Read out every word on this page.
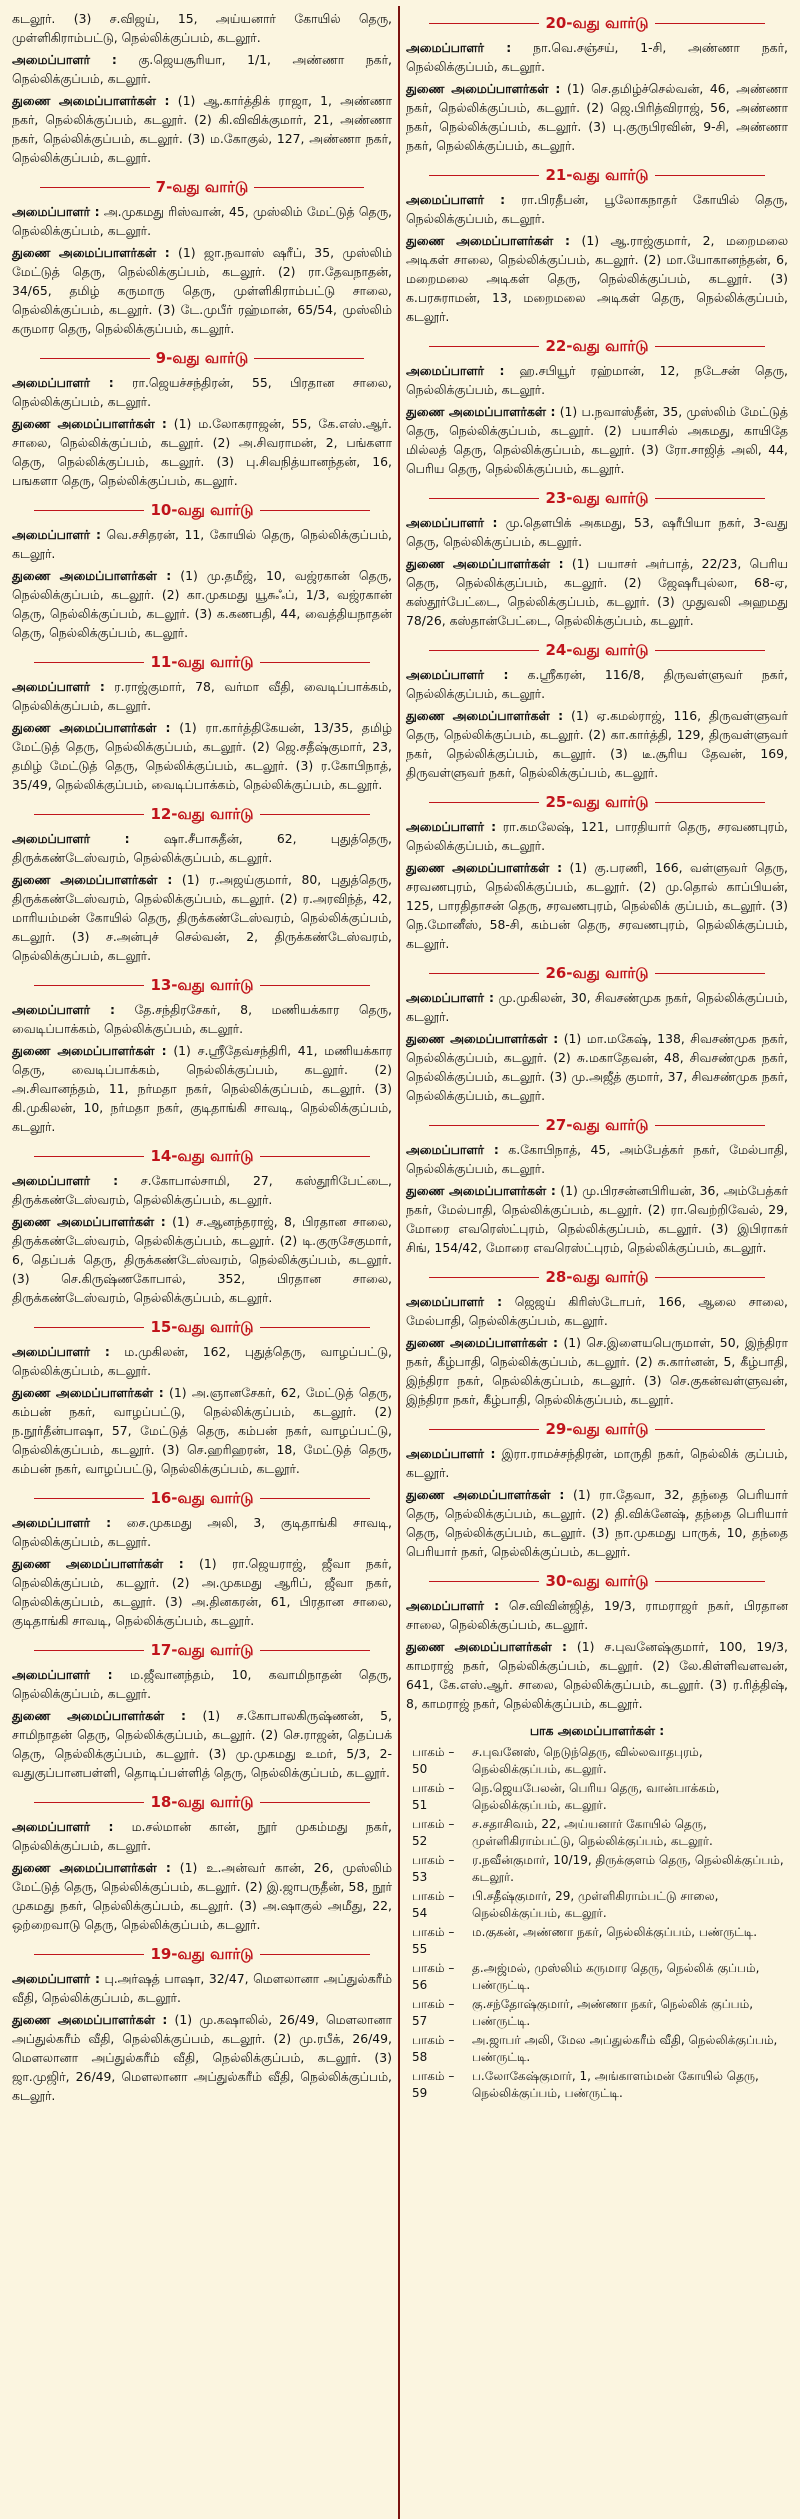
கடலூர். (3) ச.விஜய், 15, அய்யனார் கோயில் தெரு, முள்ளிகிராம்பட்டு, நெல்லிக்குப்பம், கடலூர்.
அமைப்பாளர் : கு.ஜெயசூரியா, 1/1, அண்ணா நகர், நெல்லிக்குப்பம், கடலூர்.
துணை அமைப்பாளர்கள் : (1) ஆ.கார்த்திக் ராஜா, 1, அண்ணா நகர், நெல்லிக்குப்பம், கடலூர். (2) கி.விவிக்குமார், 21, அண்ணா நகர், நெல்லிக்குப்பம், கடலூர். (3) ம.கோகுல், 127, அண்ணா நகர், நெல்லிக்குப்பம், கடலூர்.
7-வது வார்டு
அமைப்பாளர் : அ.முகமது ரிஸ்வான், 45, முஸ்லிம் மேட்டுத் தெரு, நெல்லிக்குப்பம், கடலூர்.
துணை அமைப்பாளர்கள் : (1) ஜா.நவாஸ் ஷரீப், 35, முஸ்லிம் மேட்டுத் தெரு, நெல்லிக்குப்பம், கடலூர். (2) ரா.தேவநாதன், 34/65, தமிழ் கருமாரு தெரு, முள்ளிகிராம்பட்டு சாலை, நெல்லிக்குப்பம், கடலூர். (3) டே.முபீர் ரஹ்மான், 65/54, முஸ்லிம் கருமார தெரு, நெல்லிக்குப்பம், கடலூர்.
9-வது வார்டு
அமைப்பாளர் : ரா.ஜெயச்சந்திரன், 55, பிரதான சாலை, நெல்லிக்குப்பம், கடலூர்.
துணை அமைப்பாளர்கள் : (1) ம.லோகராஜன், 55, கே.எஸ்.ஆர். சாலை, நெல்லிக்குப்பம், கடலூர். (2) அ.சிவராமன், 2, பங்களா தெரு, நெல்லிக்குப்பம், கடலூர். (3) பு.சிவநித்யானந்தன், 16, பஙகளா தெரு, நெல்லிக்குப்பம், கடலூர்.
10-வது வார்டு
அமைப்பாளர் : வெ.சசிதரன், 11, கோயில் தெரு, நெல்லிக்குப்பம், கடலூர்.
துணை அமைப்பாளர்கள் : (1) மு.தமீஜ், 10, வஜ்ரகான் தெரு, நெல்லிக்குப்பம், கடலூர். (2) கா.முகமது யூசுஃப், 1/3, வஜ்ரகான் தெரு, நெல்லிக்குப்பம், கடலூர். (3) க.கணபதி, 44, வைத்தியநாதன் தெரு, நெல்லிக்குப்பம், கடலூர்.
11-வது வார்டு
அமைப்பாளர் : ர.ராஜ்குமார், 78, வர்மா வீதி, வைடிப்பாக்கம், நெல்லிக்குப்பம், கடலூர்.
துணை அமைப்பாளர்கள் : (1) ரா.கார்த்திகேயன், 13/35, தமிழ் மேட்டுத் தெரு, நெல்லிக்குப்பம், கடலூர். (2) ஜெ.சதீஷ்குமார், 23, தமிழ் மேட்டுத் தெரு, நெல்லிக்குப்பம், கடலூர். (3) ர.கோபிநாத், 35/49, நெல்லிக்குப்பம், வைடிப்பாக்கம், நெல்லிக்குப்பம், கடலூர்.
12-வது வார்டு
அமைப்பாளர் :	ஷா.சீபாசுதீன், 62, புதுத்தெரு, திருக்கண்டேஸ்வரம், நெல்லிக்குப்பம், கடலூர்.
துணை அமைப்பாளர்கள் : (1) ர.அஜய்குமார், 80, புதுத்தெரு, திருக்கண்டேஸ்வரம், நெல்லிக்குப்பம், கடலூர். (2) ர.அரவிந்த், 42, மாரியம்மன் கோயில் தெரு, திருக்கண்டேஸ்வரம், நெல்லிக்குப்பம், கடலூர். (3) ச.அன்புச் செல்வன், 2, திருக்கண்டேஸ்வரம், நெல்லிக்குப்பம், கடலூர்.
13-வது வார்டு
அமைப்பாளர் : தே.சந்திரசேகர், 8, மணியக்கார தெரு, வைடிப்பாக்கம், நெல்லிக்குப்பம், கடலூர்.
துணை அமைப்பாளர்கள் : (1) ச.ஸ்ரீதேவ்சந்திரி, 41, மணியக்கார தெரு, வைடிப்பாக்கம், நெல்லிக்குப்பம், கடலூர். (2) அ.சிவானந்தம், 11, நர்மதா நகர், நெல்லிக்குப்பம், கடலூர். (3) கி.முகிலன், 10, நர்மதா நகர், குடிதாங்கி சாவடி, நெல்லிக்குப்பம், கடலூர்.
14-வது வார்டு
அமைப்பாளர் : ச.கோபால்சாமி, 27, கஸ்தூரிபேட்டை, திருக்கண்டேஸ்வரம், நெல்லிக்குப்பம், கடலூர்.
துணை அமைப்பாளர்கள் : (1) ச.ஆனந்தராஜ், 8, பிரதான சாலை, திருக்கண்டேஸ்வரம், நெல்லிக்குப்பம், கடலூர். (2) டி.குருசேகுமார், 6, தெப்பக் தெரு, திருக்கண்டேஸ்வரம், நெல்லிக்குப்பம், கடலூர். (3) செ.கிருஷ்ணகோபால், 352, பிரதான சாலை, திருக்கண்டேஸ்வரம், நெல்லிக்குப்பம், கடலூர்.
15-வது வார்டு
அமைப்பாளர் : ம.முகிலன், 162, புதுத்தெரு, வாழப்பட்டு, நெல்லிக்குப்பம், கடலூர்.
துணை அமைப்பாளர்கள் : (1) அ.ஞானசேகர், 62, மேட்டுத் தெரு, கம்பன் நகர், வாழப்பட்டு, நெல்லிக்குப்பம், கடலூர். (2) ந.நூர்தீன்பாஷா, 57, மேட்டுத் தெரு, கம்பன் நகர், வாழப்பட்டு, நெல்லிக்குப்பம், கடலூர். (3) செ.ஹரிஹரன், 18, மேட்டுத் தெரு, கம்பன் நகர், வாழப்பட்டு, நெல்லிக்குப்பம், கடலூர்.
16-வது வார்டு
அமைப்பாளர் : சை.முகமது அலி, 3, குடிதாங்கி சாவடி, நெல்லிக்குப்பம், கடலூர்.
துணை அமைப்பாளர்கள் : (1) ரா.ஜெயராஜ், ஜீவா நகர், நெல்லிக்குப்பம், கடலூர். (2) அ.முகமது ஆரிப், ஜீவா நகர், நெல்லிக்குப்பம், கடலூர். (3) அ.தினகரன், 61, பிரதான சாலை, குடிதாங்கி சாவடி, நெல்லிக்குப்பம், கடலூர்.
17-வது வார்டு
அமைப்பாளர் : ம.ஜீவானந்தம், 10, கவாமிநாதன் தெரு, நெல்லிக்குப்பம், கடலூர்.
துணை அமைப்பாளர்கள் : (1) ச.கோபாலகிருஷ்ணன், 5, சாமிநாதன் தெரு, நெல்லிக்குப்பம், கடலூர். (2) செ.ராஜன், தெப்பக் தெரு, நெல்லிக்குப்பம், கடலூர். (3) மு.முகமது உமர், 5/3, 2-வதுகுப்பானபள்ளி, தொடிப்பள்ளித் தெரு, நெல்லிக்குப்பம், கடலூர்.
18-வது வார்டு
அமைப்பாளர் : ம.சல்மான் கான், நூர் முகம்மது நகர், நெல்லிக்குப்பம், கடலூர்.
துணை அமைப்பாளர்கள் : (1) உ.அன்வர் கான், 26, முஸ்லிம் மேட்டுத் தெரு, நெல்லிக்குப்பம், கடலூர். (2) இ.ஜாபருதீன், 58, நூர் முகமது நகர், நெல்லிக்குப்பம், கடலூர். (3) அ.ஷாகுல் அமீது, 22, ஒற்றைவாடு தெரு, நெல்லிக்குப்பம், கடலூர்.
19-வது வார்டு
அமைப்பாளர் : பு.அர்ஷத் பாஷா, 32/47, மௌலானா அப்துல்கரீம் வீதி, நெல்லிக்குப்பம், கடலூர்.
துணை அமைப்பாளர்கள் : (1) மு.கஷாலில், 26/49, மௌலானா அப்துல்கரீம் வீதி, நெல்லிக்குப்பம், கடலூர். (2) மு.ரபீக், 26/49, மௌலானா அப்துல்கரீம் வீதி, நெல்லிக்குப்பம், கடலூர். (3) ஜா.முஜிர், 26/49, மௌலானா அப்துல்கரீம் வீதி, நெல்லிக்குப்பம், கடலூர்.
20-வது வார்டு
அமைப்பாளர் : நா.வெ.சஞ்சய், 1-சி, அண்ணா நகர், நெல்லிக்குப்பம், கடலூர்.
துணை அமைப்பாளர்கள் : (1) செ.தமிழ்ச்செல்வன், 46, அண்ணா நகர், நெல்லிக்குப்பம், கடலூர். (2) ஜெ.பிரித்விராஜ், 56, அண்ணா நகர், நெல்லிக்குப்பம், கடலூர். (3) பு.குருபிரவின், 9-சி, அண்ணா நகர், நெல்லிக்குப்பம், கடலூர்.
21-வது வார்டு
அமைப்பாளர் : ரா.பிரதீபன், பூலோகநாதர் கோயில் தெரு, நெல்லிக்குப்பம், கடலூர்.
துணை அமைப்பாளர்கள் : (1) ஆ.ராஜ்குமார், 2, மறைமலை அடிகள் சாலை, நெல்லிக்குப்பம், கடலூர். (2) மா.யோகானந்தன், 6, மறைமலை அடிகள் தெரு, நெல்லிக்குப்பம், கடலூர். (3) க.பரசுராமன், 13, மறைமலை அடிகள் தெரு, நெல்லிக்குப்பம், கடலூர்.
22-வது வார்டு
அமைப்பாளர் : ஹ.சபியூர் ரஹ்மான், 12, நடேசன் தெரு, நெல்லிக்குப்பம், கடலூர்.
துணை அமைப்பாளர்கள் : (1) ப.நவாஸ்தீன், 35, முஸ்லிம் மேட்டுத் தெரு, நெல்லிக்குப்பம், கடலூர். (2) பயாசில் அகமது, காயிதே மில்லத் தெரு, நெல்லிக்குப்பம், கடலூர். (3) ரோ.சாஜித் அலி, 44, பெரிய தெரு, நெல்லிக்குப்பம், கடலூர்.
23-வது வார்டு
அமைப்பாளர் : மு.தௌபிக் அகமது, 53, ஷரீபியா நகர், 3-வது தெரு, நெல்லிக்குப்பம், கடலூர்.
துணை அமைப்பாளர்கள் : (1) பயாசர் அர்பாத், 22/23, பெரிய தெரு, நெல்லிக்குப்பம், கடலூர். (2) ஜேஷரீபுல்லா, 68-ஏ, கஸ்தூர்பேட்டை, நெல்லிக்குப்பம், கடலூர். (3) முதுவலி அஹமது 78/26, கஸ்தான்பேட்டை, நெல்லிக்குப்பம், கடலூர்.
24-வது வார்டு
அமைப்பாளர் : க.ஸ்ரீகரன், 116/8, திருவள்ளுவர் நகர், நெல்லிக்குப்பம், கடலூர்.
துணை அமைப்பாளர்கள் : (1) ஏ.கமல்ராஜ், 116, திருவள்ளுவர் தெரு, நெல்லிக்குப்பம், கடலூர். (2) கா.கார்த்தி, 129, திருவள்ளுவர் நகர், நெல்லிக்குப்பம், கடலூர். (3) டீ.சூரிய தேவன், 169, திருவள்ளுவர் நகர், நெல்லிக்குப்பம், கடலூர்.
25-வது வார்டு
அமைப்பாளர் : ரா.கமலேஷ், 121, பாரதியார் தெரு, சரவணபுரம், நெல்லிக்குப்பம், கடலூர்.
துணை அமைப்பாளர்கள் : (1) கு.பரணி, 166, வள்ளுவர் தெரு, சரவணபுரம், நெல்லிக்குப்பம், கடலூர். (2) மு.தொல் காப்பியன், 125, பாரதிதாசன் தெரு, சரவணபுரம், நெல்லிக் குப்பம், கடலூர். (3) நெ.மோனீஸ், 58-சி, கம்பன் தெரு, சரவணபுரம், நெல்லிக்குப்பம், கடலூர்.
26-வது வார்டு
அமைப்பாளர் : மு.முகிலன், 30, சிவசண்முக நகர், நெல்லிக்குப்பம், கடலூர்.
துணை அமைப்பாளர்கள் : (1) மா.மகேஷ், 138, சிவசண்முக நகர், நெல்லிக்குப்பம், கடலூர். (2) சு.மகாதேவன், 48, சிவசண்முக நகர், நெல்லிக்குப்பம், கடலூர். (3) மு.அஜீத் குமார், 37, சிவசண்முக நகர், நெல்லிக்குப்பம், கடலூர்.
27-வது வார்டு
அமைப்பாளர் : க.கோபிநாத், 45, அம்பேத்கர் நகர், மேல்பாதி, நெல்லிக்குப்பம், கடலூர்.
துணை அமைப்பாளர்கள் : (1) மு.பிரசன்னபிரியன், 36, அம்பேத்கர் நகர், மேல்பாதி, நெல்லிக்குப்பம், கடலூர். (2) ரா.வெற்றிவேல், 29, மோரை எவரெஸ்ட்புரம், நெல்லிக்குப்பம், கடலூர். (3) இபிராகர் சிங், 154/42, மோரை எவரெஸ்ட்புரம், நெல்லிக்குப்பம், கடலூர்.
28-வது வார்டு
அமைப்பாளர் : ஜெஜய் கிரிஸ்டோபர், 166, ஆலை சாலை, மேல்பாதி, நெல்லிக்குப்பம், கடலூர்.
துணை அமைப்பாளர்கள் : (1) செ.இளையபெருமாள், 50, இந்திரா நகர், கீழ்பாதி, நெல்லிக்குப்பம், கடலூர். (2) சு.கார்னன், 5, கீழ்பாதி, இந்திரா நகர், நெல்லிக்குப்பம், கடலூர். (3) செ.குகன்வள்ளுவன், இந்திரா நகர், கீழ்பாதி, நெல்லிக்குப்பம், கடலூர்.
29-வது வார்டு
அமைப்பாளர் : இரா.ராமச்சந்திரன், மாருதி நகர், நெல்லிக் குப்பம், கடலூர்.
துணை அமைப்பாளர்கள் : (1) ரா.தேவா, 32, தந்தை பெரியார் தெரு, நெல்லிக்குப்பம், கடலூர். (2) தி.விக்னேஷ், தந்தை பெரியார் தெரு, நெல்லிக்குப்பம், கடலூர். (3) நா.முகமது பாருக், 10, தந்தை பெரியார் நகர், நெல்லிக்குப்பம், கடலூர்.
30-வது வார்டு
அமைப்பாளர் : செ.விவின்ஜித், 19/3, ராமராஜர் நகர், பிரதான சாலை, நெல்லிக்குப்பம், கடலூர்.
துணை அமைப்பாளர்கள் : (1) ச.புவனேஷ்குமார், 100, 19/3, காமராஜ் நகர், நெல்லிக்குப்பம், கடலூர். (2) லே.கிள்ளிவளவன், 641, கே.எஸ்.ஆர். சாலை, நெல்லிக்குப்பம், கடலூர். (3) ர.ரித்திஷ், 8, காமராஜ் நகர், நெல்லிக்குப்பம், கடலூர்.
பாக அமைப்பாளர்கள் :
பாகம் – 50
ச.புவனேஸ், நெடுந்தெரு, வில்லவாதபுரம், நெல்லிக்குப்பம், கடலூர்.
பாகம் – 51
நெ.ஜெயபேலன், பெரிய தெரு, வான்பாக்கம், நெல்லிக்குப்பம், கடலூர்.
பாகம் – 52
ச.சதாசிவம், 22, அய்யனார் கோயில் தெரு, முள்ளிகிராம்பட்டு, நெல்லிக்குப்பம், கடலூர்.
பாகம் – 53
ர.நவீன்குமார், 10/19, திருக்குளம் தெரு, நெல்லிக்குப்பம், கடலூர்.
பாகம் – 54
பி.சதீஷ்குமார், 29, முள்ளிகிராம்பட்டு சாலை, நெல்லிக்குப்பம், கடலூர்.
பாகம் – 55
ம.குகன், அண்ணா நகர், நெல்லிக்குப்பம், பண்ருட்டி.
பாகம் – 56
த.அஜ்மல், முஸ்லிம் கருமார தெரு, நெல்லிக் குப்பம், பண்ருட்டி.
பாகம் – 57
கு.சந்தோஷ்குமார், அண்ணா நகர், நெல்லிக் குப்பம், பண்ருட்டி.
பாகம் – 58
அ.ஜாபர் அலி, மேல அப்துல்கரீம் வீதி, நெல்லிக்குப்பம், பண்ருட்டி.
பாகம் – 59
ப.லோகேஷ்குமார், 1, அங்காளம்மன் கோயில் தெரு, நெல்லிக்குப்பம், பண்ருட்டி.
